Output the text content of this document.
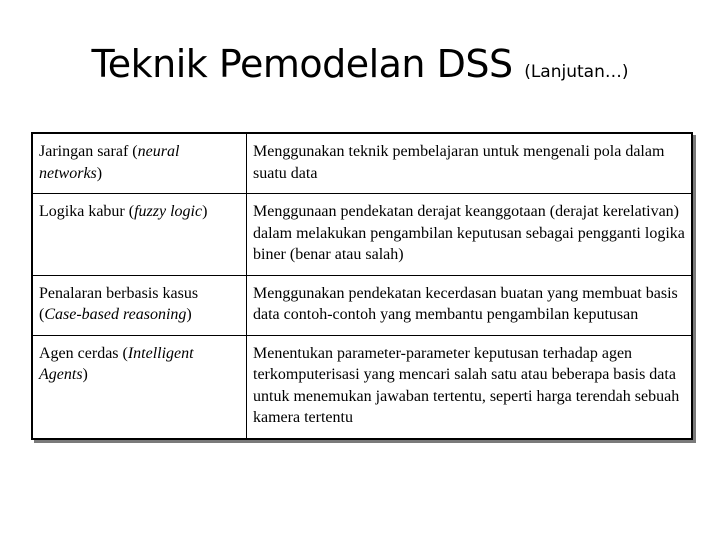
Teknik Pemodelan DSS (Lanjutan…)
Jaringan saraf (neural networks)	Menggunakan teknik pembelajaran untuk mengenali pola dalam suatu data
Logika kabur (fuzzy logic)	Menggunaan pendekatan derajat keanggotaan (derajat kerelativan) dalam melakukan pengambilan keputusan sebagai pengganti logika biner (benar atau salah)
Penalaran berbasis kasus (Case-based reasoning)	Menggunakan pendekatan kecerdasan buatan yang membuat basis data contoh-contoh yang membantu pengambilan keputusan
Agen cerdas (Intelligent Agents)	Menentukan parameter-parameter keputusan terhadap agen terkomputerisasi yang mencari salah satu atau beberapa basis data untuk menemukan jawaban tertentu, seperti harga terendah sebuah kamera tertentu
